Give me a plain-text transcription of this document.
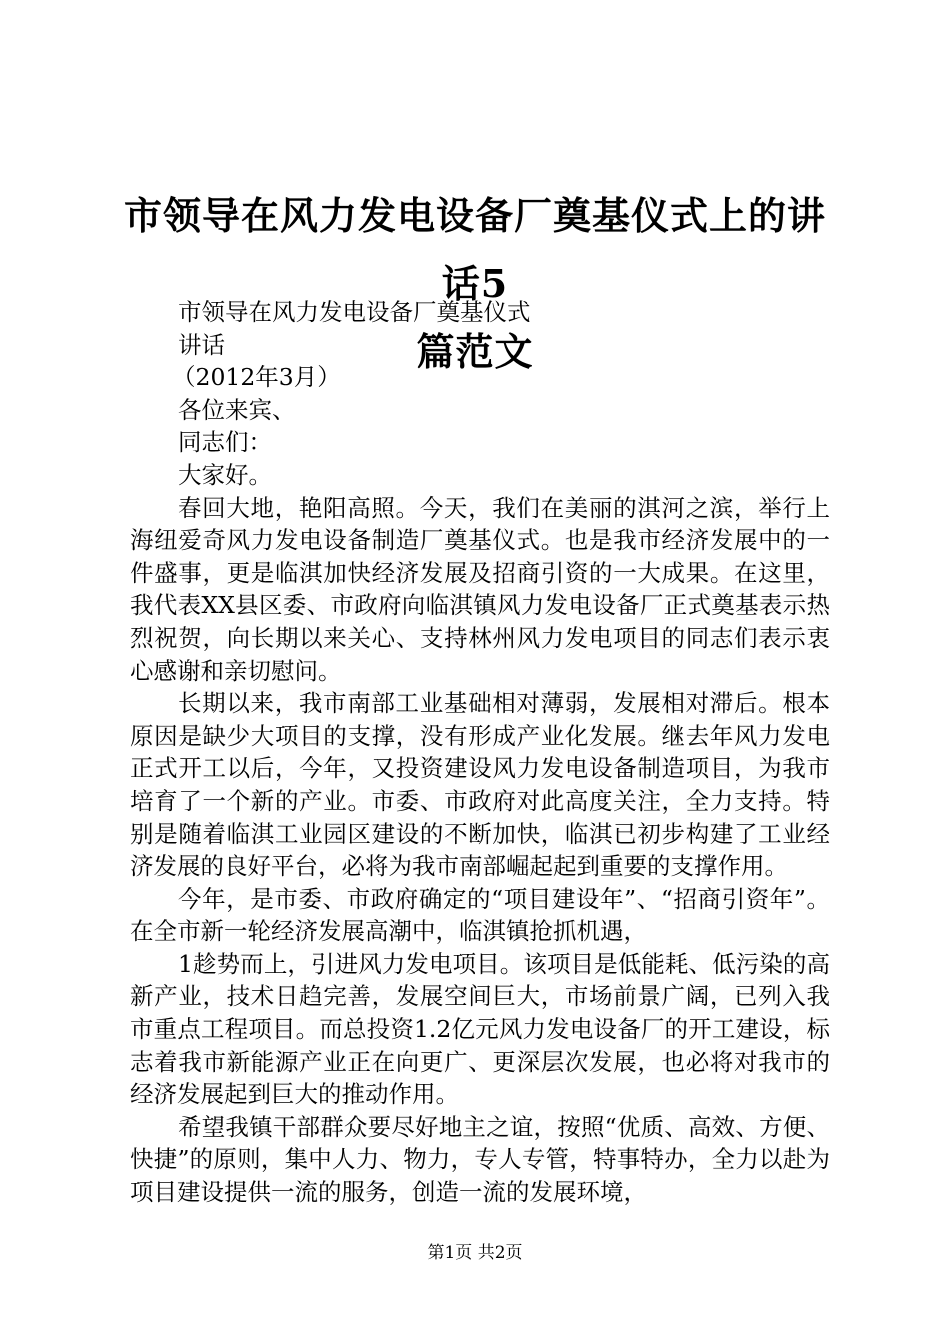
市领导在风力发电设备厂奠基仪式上的讲话5
篇范文
市领导在风力发电设备厂奠基仪式
讲话
（2012年3月）
各位来宾、
同志们：
大家好。
春回大地，艳阳高照。今天，我们在美丽的淇河之滨，举行上海纽爱奇风力发电设备制造厂奠基仪式。也是我市经济发展中的一件盛事，更是临淇加快经济发展及招商引资的一大成果。在这里，我代表XX县区委、市政府向临淇镇风力发电设备厂正式奠基表示热烈祝贺，向长期以来关心、支持林州风力发电项目的同志们表示衷心感谢和亲切慰问。
长期以来，我市南部工业基础相对薄弱，发展相对滞后。根本原因是缺少大项目的支撑，没有形成产业化发展。继去年风力发电正式开工以后，今年，又投资建设风力发电设备制造项目，为我市培育了一个新的产业。市委、市政府对此高度关注，全力支持。特别是随着临淇工业园区建设的不断加快，临淇已初步构建了工业经济发展的良好平台，必将为我市南部崛起起到重要的支撑作用。
今年，是市委、市政府确定的“项目建设年”、“招商引资年”。在全市新一轮经济发展高潮中，临淇镇抢抓机遇，
1趁势而上，引进风力发电项目。该项目是低能耗、低污染的高新产业，技术日趋完善，发展空间巨大，市场前景广阔，已列入我市重点工程项目。而总投资1.2亿元风力发电设备厂的开工建设，标志着我市新能源产业正在向更广、更深层次发展，也必将对我市的经济发展起到巨大的推动作用。
希望我镇干部群众要尽好地主之谊，按照“优质、高效、方便、快捷”的原则，集中人力、物力，专人专管，特事特办，全力以赴为项目建设提供一流的服务，创造一流的发展环境，
第1页 共2页
